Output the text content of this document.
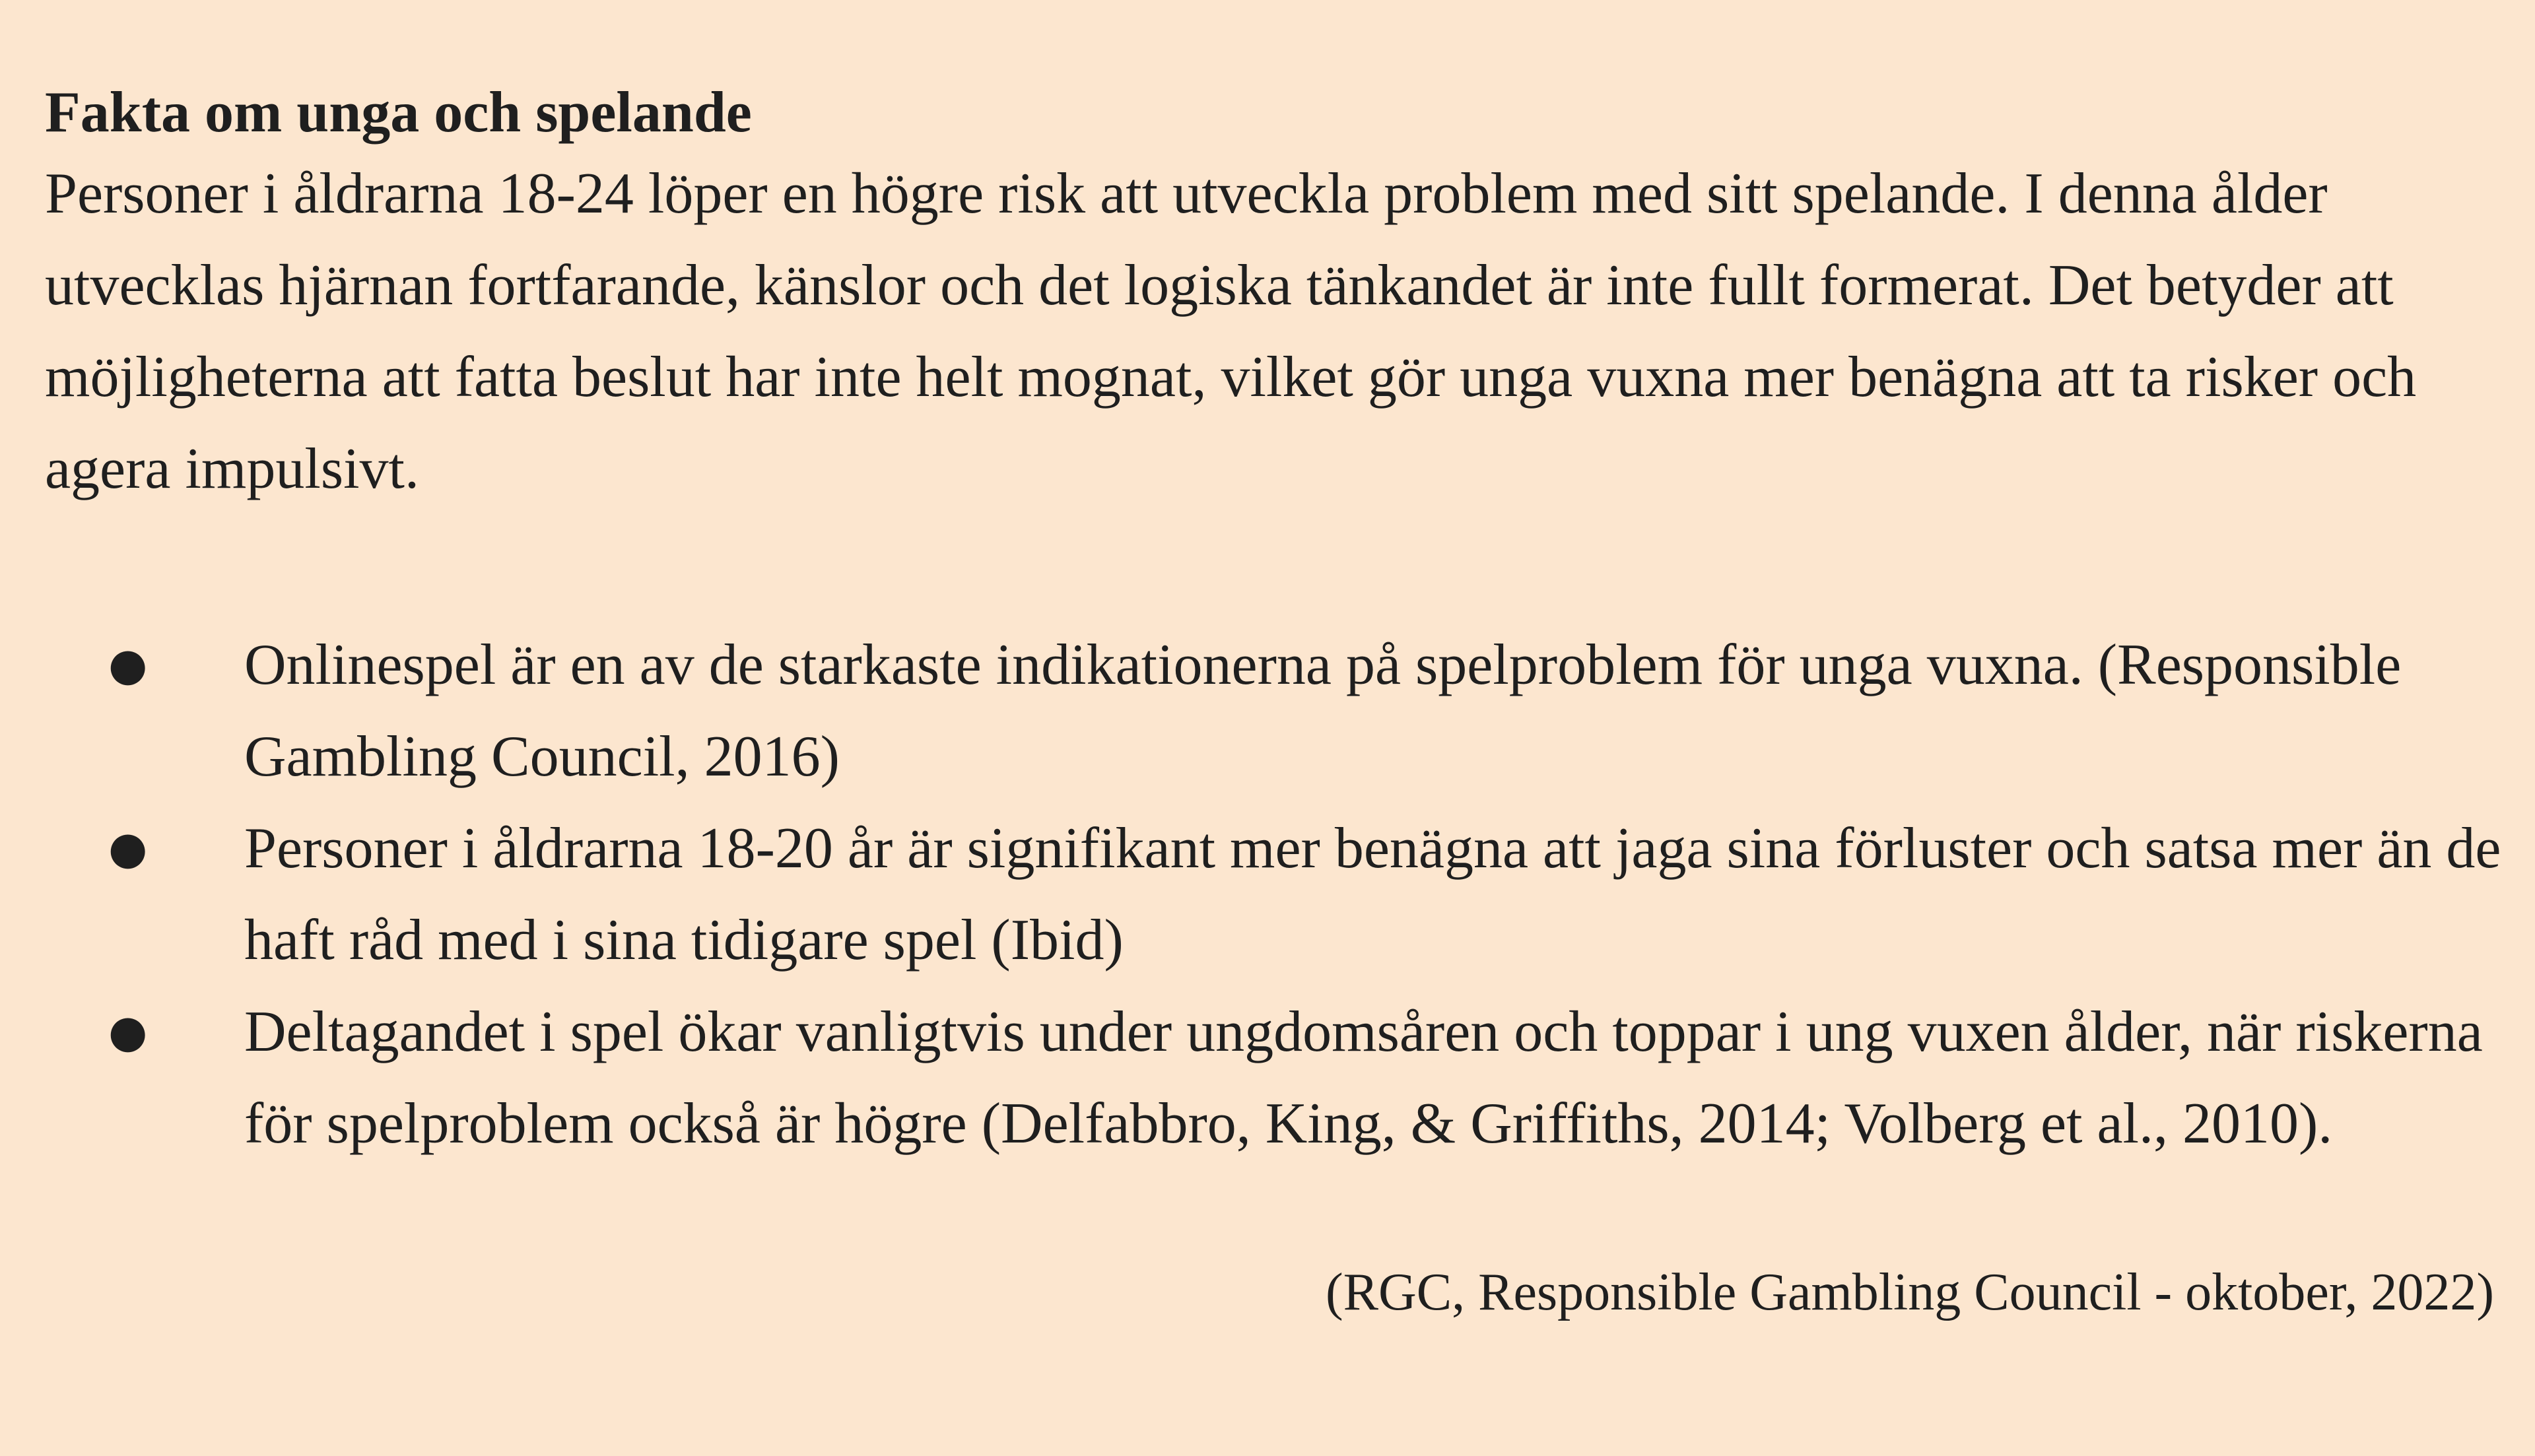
Fakta om unga och spelande

Personer i åldrarna 18-24 löper en högre risk att utveckla problem med sitt spelande. I denna ålder utvecklas hjärnan fortfarande, känslor och det logiska tänkandet är inte fullt formerat. Det betyder att möjligheterna att fatta beslut har inte helt mognat, vilket gör unga vuxna mer benägna att ta risker och agera impulsivt.

● Onlinespel är en av de starkaste indikationerna på spelproblem för unga vuxna. (Responsible Gambling Council, 2016)
● Personer i åldrarna 18-20 år är signifikant mer benägna att jaga sina förluster och satsa mer än de haft råd med i sina tidigare spel (Ibid)
● Deltagandet i spel ökar vanligtvis under ungdomsåren och toppar i ung vuxen ålder, när riskerna för spelproblem också är högre (Delfabbro, King, & Griffiths, 2014; Volberg et al., 2010).

(RGC, Responsible Gambling Council - oktober, 2022)
